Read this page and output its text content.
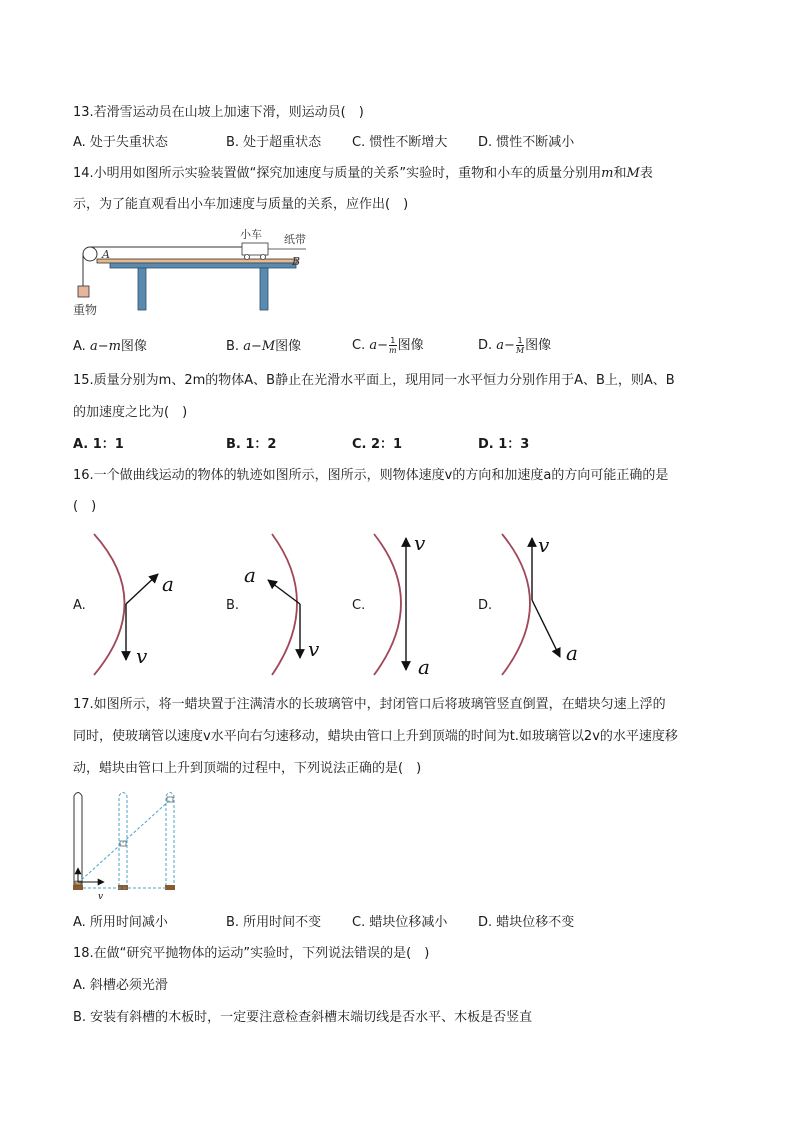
13.若滑雪运动员在山坡上加速下滑，则运动员(　)
A. 处于失重状态	B. 处于超重状态 C. 惯性不断增大 D. 惯性不断减小
14.小明用如图所示实验装置做“探究加速度与质量的关系”实验时，重物和小车的质量分别用m和M表
示，为了能直观看出小车加速度与质量的关系，应作出(　)
重物
A
B
小车 纸带
A. a−m图像	B. a−M图像	C. $a- \frac{1}{m}$ 图像	D. $a- \frac{1}{M}$ 图像
15.质量分别为m、2m的物体A、B静止在光滑水平面上，现用同一水平恒力分别作用于A、B上，则A、B
的加速度之比为(　)
A. 1：1	B. 1：2	C. 2：1	D. 1：3
16.一个做曲线运动的物体的轨迹如图所示，图所示，则物体速度v的方向和加速度a的方向可能正确的是
(　)
A.	B.	C.	D.
v
a
v
a
v
a
v
a
17.如图所示，将一蜡块置于注满清水的长玻璃管中，封闭管口后将玻璃管竖直倒置，在蜡块匀速上浮的
同时，使玻璃管以速度v水平向右匀速移动，蜡块由管口上升到顶端的时间为t.如玻璃管以2v的水平速度移
动，蜡块由管口上升到顶端的过程中，下列说法正确的是(　)
v
A. 所用时间减小	B. 所用时间不变 C. 蜡块位移减小 D. 蜡块位移不变
18.在做“研究平抛物体的运动”实验时，下列说法错误的是(　)
A. 斜槽必须光滑
B. 安装有斜槽的木板时，一定要注意检查斜槽末端切线是否水平、木板是否竖直
